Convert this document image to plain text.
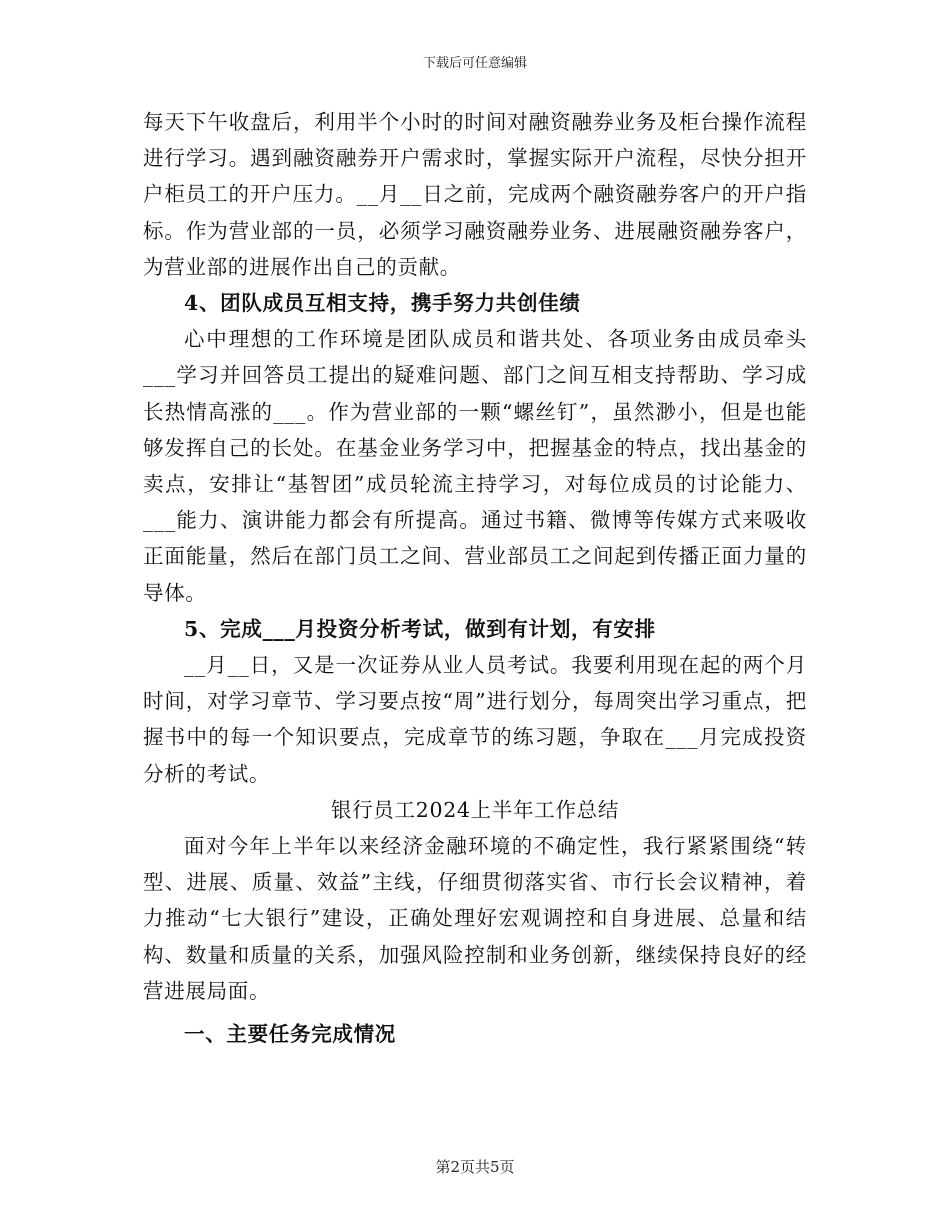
下载后可任意编辑

每天下午收盘后，利用半个小时的时间对融资融券业务及柜台操作流程进行学习。遇到融资融券开户需求时，掌握实际开户流程，尽快分担开户柜员工的开户压力。__月__日之前，完成两个融资融券客户的开户指标。作为营业部的一员，必须学习融资融券业务、进展融资融券客户，为营业部的进展作出自己的贡献。

4、团队成员互相支持，携手努力共创佳绩

心中理想的工作环境是团队成员和谐共处、各项业务由成员牵头___学习并回答员工提出的疑难问题、部门之间互相支持帮助、学习成长热情高涨的___。作为营业部的一颗“螺丝钉”，虽然渺小，但是也能够发挥自己的长处。在基金业务学习中，把握基金的特点，找出基金的卖点，安排让“基智团”成员轮流主持学习，对每位成员的讨论能力、___能力、演讲能力都会有所提高。通过书籍、微博等传媒方式来吸收正面能量，然后在部门员工之间、营业部员工之间起到传播正面力量的导体。

5、完成___月投资分析考试，做到有计划，有安排

__月__日，又是一次证券从业人员考试。我要利用现在起的两个月时间，对学习章节、学习要点按“周”进行划分，每周突出学习重点，把握书中的每一个知识要点，完成章节的练习题，争取在___月完成投资分析的考试。

银行员工2024上半年工作总结

面对今年上半年以来经济金融环境的不确定性，我行紧紧围绕“转型、进展、质量、效益”主线，仔细贯彻落实省、市行长会议精神，着力推动“七大银行”建设，正确处理好宏观调控和自身进展、总量和结构、数量和质量的关系，加强风险控制和业务创新，继续保持良好的经营进展局面。

一、主要任务完成情况

第2页共5页
